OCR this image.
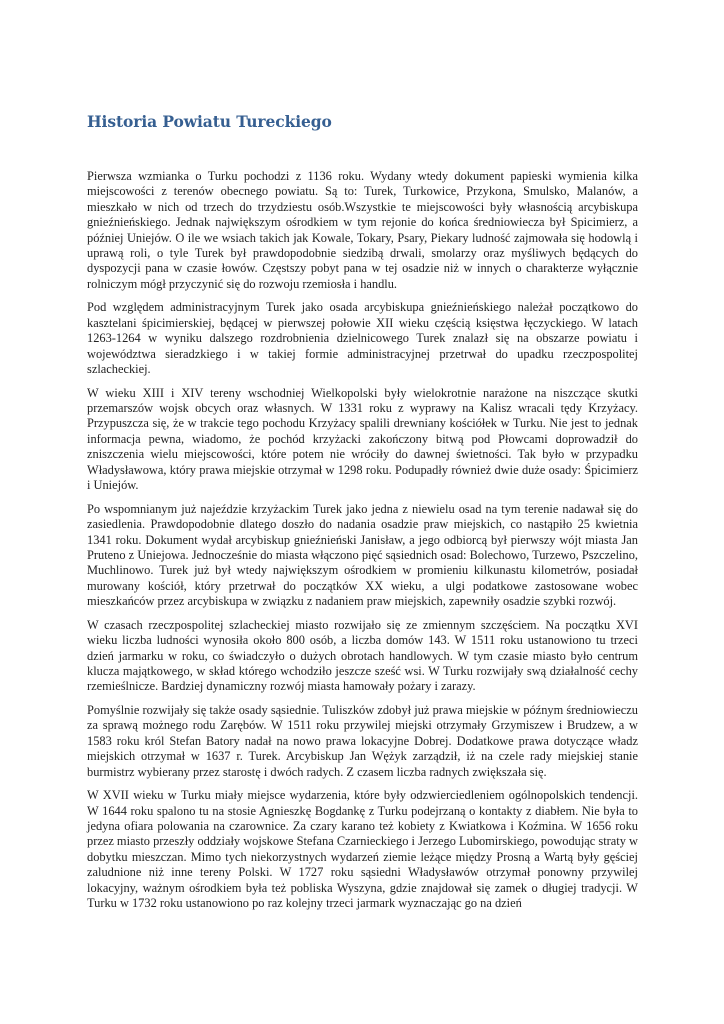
Historia Powiatu Tureckiego

Pierwsza wzmianka o Turku pochodzi z 1136 roku. Wydany wtedy dokument papieski wymienia kilka miejscowości z terenów obecnego powiatu. Są to: Turek, Turkowice, Przykona, Smulsko, Malanów, a mieszkało w nich od trzech do trzydziestu osób.Wszystkie te miejscowości były własnością arcybiskupa gnieźnieńskiego. Jednak największym ośrodkiem w tym rejonie do końca średniowiecza był Spicimierz, a później Uniejów. O ile we wsiach takich jak Kowale, Tokary, Psary, Piekary ludność zajmowała się hodowlą i uprawą roli, o tyle Turek był prawdopodobnie siedzibą drwali, smolarzy oraz myśliwych będących do dyspozycji pana w czasie łowów. Częstszy pobyt pana w tej osadzie niż w innych o charakterze wyłącznie rolniczym mógł przyczynić się do rozwoju rzemiosła i handlu.

Pod względem administracyjnym Turek jako osada arcybiskupa gnieźnieńskiego należał początkowo do kasztelani śpicimierskiej, będącej w pierwszej połowie XII wieku częścią księstwa łęczyckiego. W latach 1263-1264 w wyniku dalszego rozdrobnienia dzielnicowego Turek znalazł się na obszarze powiatu i województwa sieradzkiego i w takiej formie administracyjnej przetrwał do upadku rzeczpospolitej szlacheckiej.

W wieku XIII i XIV tereny wschodniej Wielkopolski były wielokrotnie narażone na niszczące skutki przemarszów wojsk obcych oraz własnych. W 1331 roku z wyprawy na Kalisz wracali tędy Krzyżacy. Przypuszcza się, że w trakcie tego pochodu Krzyżacy spalili drewniany kościółek w Turku. Nie jest to jednak informacja pewna, wiadomo, że pochód krzyżacki zakończony bitwą pod Płowcami doprowadził do zniszczenia wielu miejscowości, które potem nie wróciły do dawnej świetności. Tak było w przypadku Władysławowa, który prawa miejskie otrzymał w 1298 roku. Podupadły również dwie duże osady: Śpicimierz i Uniejów.

Po wspomnianym już najeździe krzyżackim Turek jako jedna z niewielu osad na tym terenie nadawał się do zasiedlenia. Prawdopodobnie dlatego doszło do nadania osadzie praw miejskich, co nastąpiło 25 kwietnia 1341 roku. Dokument wydał arcybiskup gnieźnieński Janisław, a jego odbiorcą był pierwszy wójt miasta Jan Pruteno z Uniejowa. Jednocześnie do miasta włączono pięć sąsiednich osad: Bolechowo, Turzewo, Pszczelino, Muchlinowo. Turek już był wtedy największym ośrodkiem w promieniu kilkunastu kilometrów, posiadał murowany kościół, który przetrwał do początków XX wieku, a ulgi podatkowe zastosowane wobec mieszkańców przez arcybiskupa w związku z nadaniem praw miejskich, zapewniły osadzie szybki rozwój.

W czasach rzeczpospolitej szlacheckiej miasto rozwijało się ze zmiennym szczęściem. Na początku XVI wieku liczba ludności wynosiła około 800 osób, a liczba domów 143. W 1511 roku ustanowiono tu trzeci dzień jarmarku w roku, co świadczyło o dużych obrotach handlowych. W tym czasie miasto było centrum klucza majątkowego, w skład którego wchodziło jeszcze sześć wsi. W Turku rozwijały swą działalność cechy rzemieślnicze. Bardziej dynamiczny rozwój miasta hamowały pożary i zarazy.

Pomyślnie rozwijały się także osady sąsiednie. Tuliszków zdobył już prawa miejskie w późnym średniowieczu za sprawą możnego rodu Zarębów. W 1511 roku przywilej miejski otrzymały Grzymiszew i Brudzew, a w 1583 roku król Stefan Batory nadał na nowo prawa lokacyjne Dobrej. Dodatkowe prawa dotyczące władz miejskich otrzymał w 1637 r. Turek. Arcybiskup Jan Wężyk zarządził, iż na czele rady miejskiej stanie burmistrz wybierany przez starostę i dwóch radych. Z czasem liczba radnych zwiększała się.

W XVII wieku w Turku miały miejsce wydarzenia, które były odzwierciedleniem ogólnopolskich tendencji. W 1644 roku spalono tu na stosie Agnieszkę Bogdankę z Turku podejrzaną o kontakty z diabłem. Nie była to jedyna ofiara polowania na czarownice. Za czary karano też kobiety z Kwiatkowa i Koźmina. W 1656 roku przez miasto przeszły oddziały wojskowe Stefana Czarnieckiego i Jerzego Lubomirskiego, powodując straty w dobytku mieszczan. Mimo tych niekorzystnych wydarzeń ziemie leżące między Prosną a Wartą były gęściej zaludnione niż inne tereny Polski. W 1727 roku sąsiedni Władysławów otrzymał ponowny przywilej lokacyjny, ważnym ośrodkiem była też pobliska Wyszyna, gdzie znajdował się zamek o długiej tradycji. W Turku w 1732 roku ustanowiono po raz kolejny trzeci jarmark wyznaczając go na dzień
